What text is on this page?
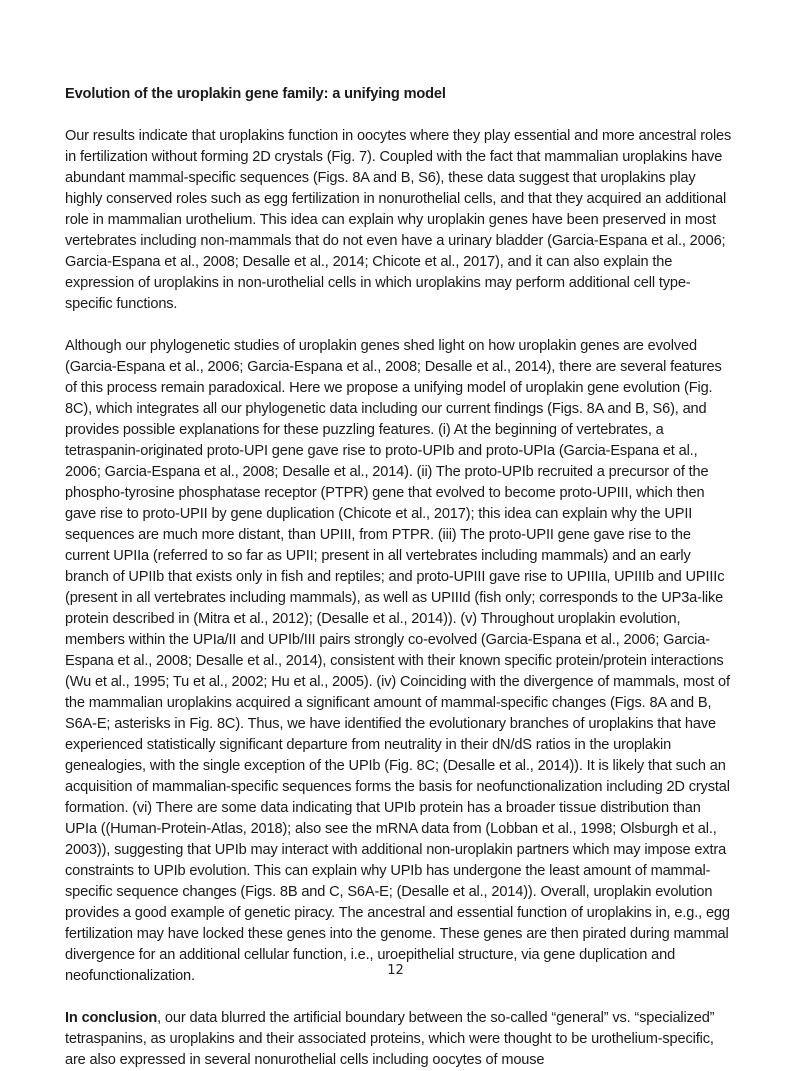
Evolution of the uroplakin gene family: a unifying model

Our results indicate that uroplakins function in oocytes where they play essential and more ancestral roles in fertilization without forming 2D crystals (Fig. 7). Coupled with the fact that mammalian uroplakins have abundant mammal-specific sequences (Figs. 8A and B, S6), these data suggest that uroplakins play highly conserved roles such as egg fertilization in nonurothelial cells, and that they acquired an additional role in mammalian urothelium. This idea can explain why uroplakin genes have been preserved in most vertebrates including non-mammals that do not even have a urinary bladder (Garcia-Espana et al., 2006; Garcia-Espana et al., 2008; Desalle et al., 2014; Chicote et al., 2017), and it can also explain the expression of uroplakins in non-urothelial cells in which uroplakins may perform additional cell type-specific functions.

Although our phylogenetic studies of uroplakin genes shed light on how uroplakin genes are evolved (Garcia-Espana et al., 2006; Garcia-Espana et al., 2008; Desalle et al., 2014), there are several features of this process remain paradoxical. Here we propose a unifying model of uroplakin gene evolution (Fig. 8C), which integrates all our phylogenetic data including our current findings (Figs. 8A and B, S6), and provides possible explanations for these puzzling features. (i) At the beginning of vertebrates, a tetraspanin-originated proto-UPI gene gave rise to proto-UPIb and proto-UPIa (Garcia-Espana et al., 2006; Garcia-Espana et al., 2008; Desalle et al., 2014). (ii) The proto-UPIb recruited a precursor of the phospho-tyrosine phosphatase receptor (PTPR) gene that evolved to become proto-UPIII, which then gave rise to proto-UPII by gene duplication (Chicote et al., 2017); this idea can explain why the UPII sequences are much more distant, than UPIII, from PTPR. (iii) The proto-UPII gene gave rise to the current UPIIa (referred to so far as UPII; present in all vertebrates including mammals) and an early branch of UPIIb that exists only in fish and reptiles; and proto-UPIII gave rise to UPIIIa, UPIIIb and UPIIIc (present in all vertebrates including mammals), as well as UPIIId (fish only; corresponds to the UP3a-like protein described in (Mitra et al., 2012); (Desalle et al., 2014)). (v) Throughout uroplakin evolution, members within the UPIa/II and UPIb/III pairs strongly co-evolved (Garcia-Espana et al., 2006; Garcia-Espana et al., 2008; Desalle et al., 2014), consistent with their known specific protein/protein interactions (Wu et al., 1995; Tu et al., 2002; Hu et al., 2005). (iv) Coinciding with the divergence of mammals, most of the mammalian uroplakins acquired a significant amount of mammal-specific changes (Figs. 8A and B, S6A-E; asterisks in Fig. 8C). Thus, we have identified the evolutionary branches of uroplakins that have experienced statistically significant departure from neutrality in their dN/dS ratios in the uroplakin genealogies, with the single exception of the UPIb (Fig. 8C; (Desalle et al., 2014)). It is likely that such an acquisition of mammalian-specific sequences forms the basis for neofunctionalization including 2D crystal formation. (vi) There are some data indicating that UPIb protein has a broader tissue distribution than UPIa ((Human-Protein-Atlas, 2018); also see the mRNA data from (Lobban et al., 1998; Olsburgh et al., 2003)), suggesting that UPIb may interact with additional non-uroplakin partners which may impose extra constraints to UPIb evolution. This can explain why UPIb has undergone the least amount of mammal-specific sequence changes (Figs. 8B and C, S6A-E; (Desalle et al., 2014)). Overall, uroplakin evolution provides a good example of genetic piracy. The ancestral and essential function of uroplakins in, e.g., egg fertilization may have locked these genes into the genome. These genes are then pirated during mammal divergence for an additional cellular function, i.e., uroepithelial structure, via gene duplication and neofunctionalization.

In conclusion, our data blurred the artificial boundary between the so-called “general” vs. “specialized” tetraspanins, as uroplakins and their associated proteins, which were thought to be urothelium-specific, are also expressed in several nonurothelial cells including oocytes of mouse

12
